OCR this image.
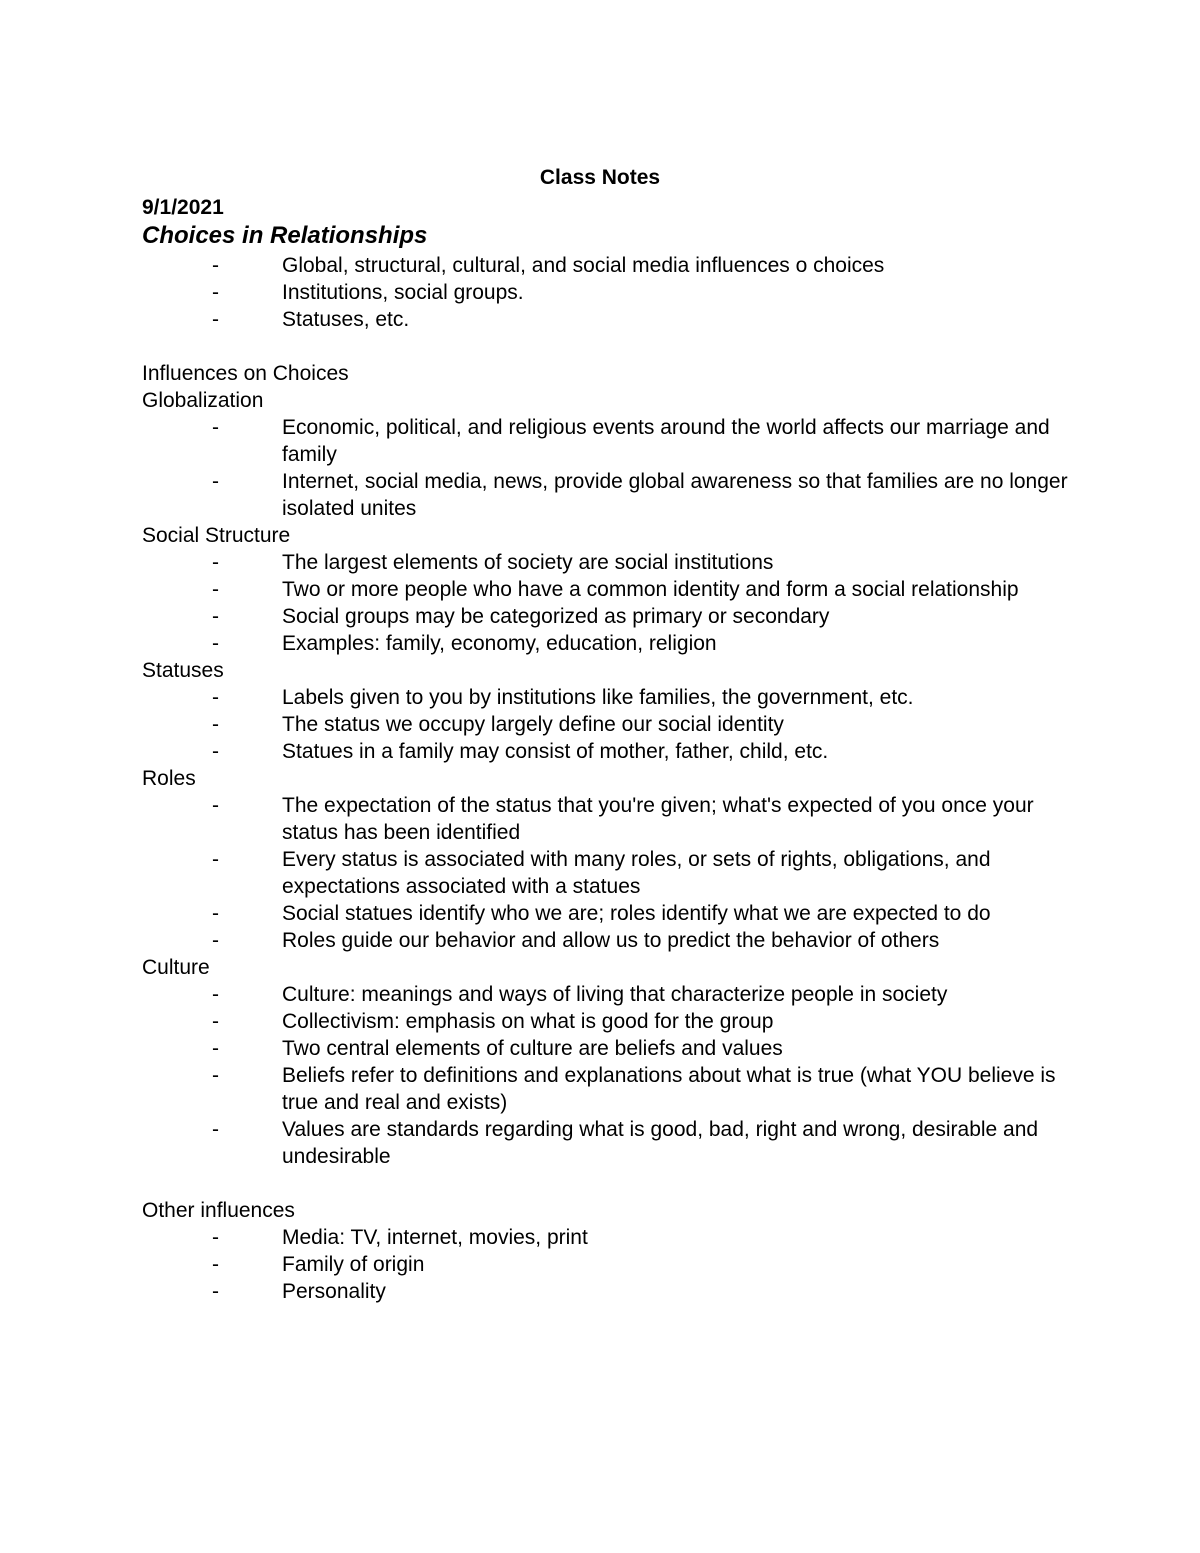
Class Notes
9/1/2021
Choices in Relationships
-	Global, structural, cultural, and social media influences o choices
-	Institutions, social groups.
-	Statuses, etc.
Influences on Choices
Globalization
-	Economic, political, and religious events around the world affects our marriage and family
-	Internet, social media, news, provide global awareness so that families are no longer isolated unites
Social Structure
-	The largest elements of society are social institutions
-	Two or more people who have a common identity and form a social relationship
-	Social groups may be categorized as primary or secondary
-	Examples: family, economy, education, religion
Statuses
-	Labels given to you by institutions like families, the government, etc.
-	The status we occupy largely define our social identity
-	Statues in a family may consist of mother, father, child, etc.
Roles
-	The expectation of the status that you're given; what's expected of you once your status has been identified
-	Every status is associated with many roles, or sets of rights, obligations, and expectations associated with a statues
-	Social statues identify who we are; roles identify what we are expected to do
-	Roles guide our behavior and allow us to predict the behavior of others
Culture
-	Culture: meanings and ways of living that characterize people in society
-	Collectivism: emphasis on what is good for the group
-	Two central elements of culture are beliefs and values
-	Beliefs refer to definitions and explanations about what is true (what YOU believe is true and real and exists)
-	Values are standards regarding what is good, bad, right and wrong, desirable and undesirable
Other influences
-	Media: TV, internet, movies, print
-	Family of origin
-	Personality
